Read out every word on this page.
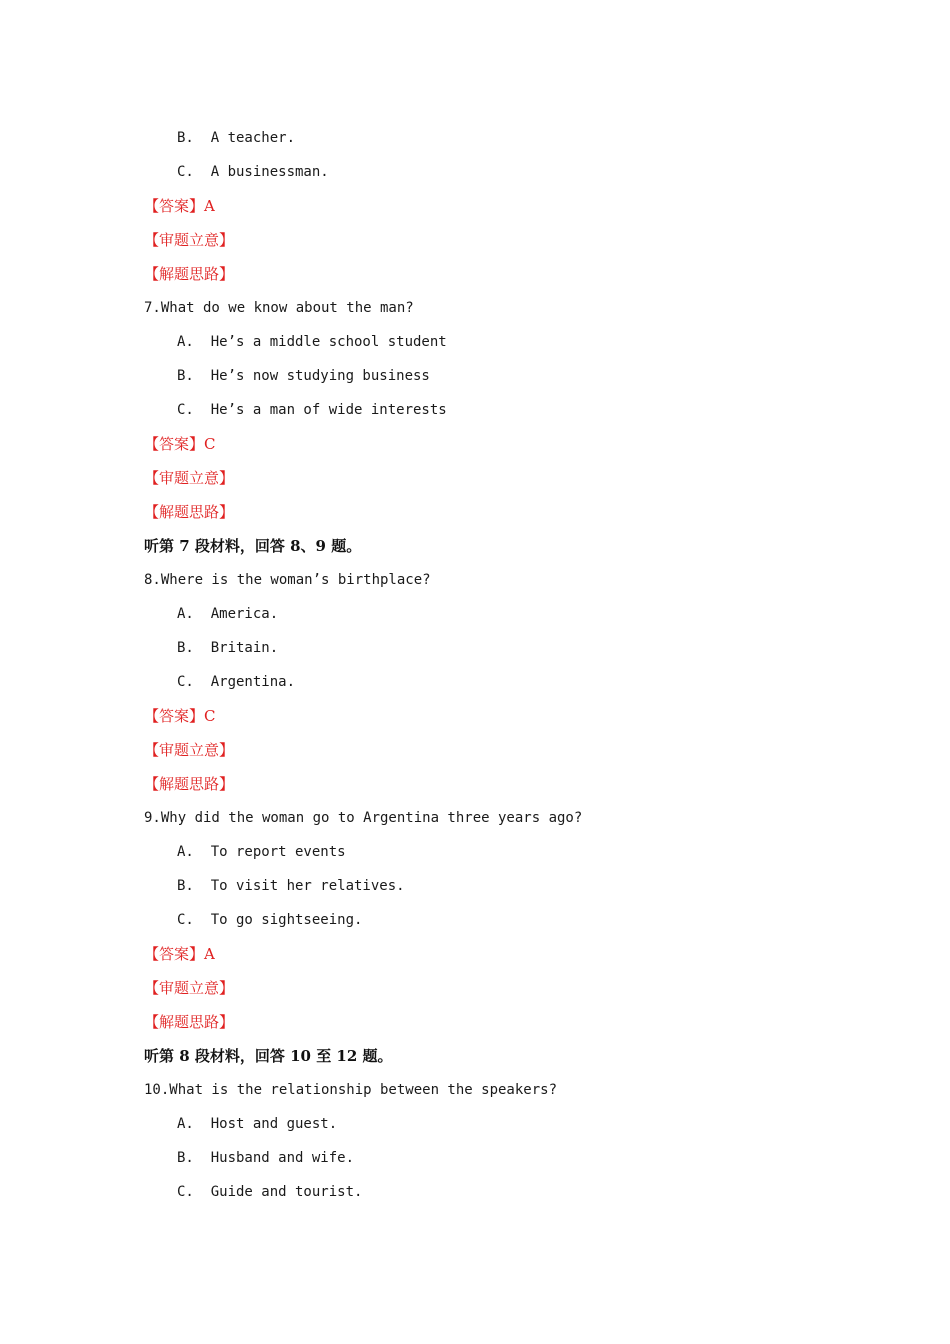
B.  A teacher.
C.  A businessman.
【答案】A
【审题立意】
【解题思路】
7.What do we know about the man?
A.  He’s a middle school student
B.  He’s now studying business
C.  He’s a man of wide interests
【答案】C
【审题立意】
【解题思路】
听第 7 段材料，回答 8、9 题。
8.Where is the woman’s birthplace?
A.  America.
B.  Britain.
C.  Argentina.
【答案】C
【审题立意】
【解题思路】
9.Why did the woman go to Argentina three years ago?
A.  To report events
B.  To visit her relatives.
C.  To go sightseeing.
【答案】A
【审题立意】
【解题思路】
听第 8 段材料，回答 10 至 12 题。
10.What is the relationship between the speakers?
A.  Host and guest.
B.  Husband and wife.
C.  Guide and tourist.
